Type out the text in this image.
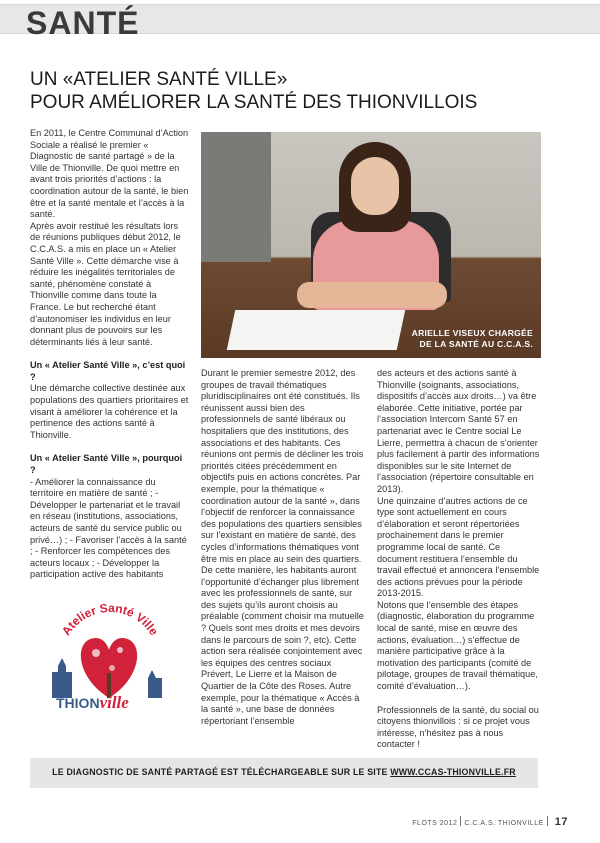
SANTÉ
UN «ATELIER SANTÉ VILLE»
POUR AMÉLIORER LA SANTÉ DES THIONVILLOIS

En 2011, le Centre Communal d’Action Sociale a réalisé le premier « Diagnostic de santé partagé » de la Ville de Thionville. De quoi mettre en avant trois priorités d’actions : la coordination autour de la santé, le bien être et la santé mentale et l’accès à la santé.

Après avoir restitué les résultats lors de réunions publiques début 2012, le C.C.A.S. a mis en place un « Atelier Santé Ville ». Cette démarche vise à réduire les inégalités territoriales de santé, phénomène constaté à Thionville comme dans toute la France. Le but recherché étant d’autonomiser les individus en leur donnant plus de pouvoirs sur les déterminants liés à leur santé.

Un « Atelier Santé Ville », c’est quoi ?

Une démarche collective destinée aux populations des quartiers prioritaires et visant à améliorer la cohérence et la pertinence des actions santé à Thionville.

Un « Atelier Santé Ville », pourquoi ?

- Améliorer la connaissance du territoire en matière de santé ; - Développer le partenariat et le travail en réseau (institutions, associations, acteurs de santé du service public ou privé…) ; - Favoriser l’accès à la santé ; - Renforcer les compétences des acteurs locaux ; - Développer la participation active des habitants

ARIELLE VISEUX CHARGÉE
DE LA SANTÉ AU C.C.A.S.

Durant le premier semestre 2012, des groupes de travail thématiques pluridisciplinaires ont été constitués. Ils réunissent aussi bien des professionnels de santé libéraux ou hospitaliers que des institutions, des associations et des habitants. Ces réunions ont permis de décliner les trois priorités citées précédemment en objectifs puis en actions concrètes. Par exemple, pour la thématique « coordination autour de la santé », dans l’objectif de renforcer la connaissance des populations des quartiers sensibles sur l’existant en matière de santé, des cycles d’informations thématiques vont être mis en place au sein des quartiers. De cette manière, les habitants auront l’opportunité d’échanger plus librement avec les professionnels de santé, sur des sujets qu’ils auront choisis au préalable (comment choisir ma mutuelle ? Quels sont mes droits et mes devoirs dans le parcours de soin ?, etc). Cette action sera réalisée conjointement avec les équipes des centres sociaux Prévert, Le Lierre et la Maison de Quartier de la Côte des Roses. Autre exemple, pour la thématique « Accès à la santé », une base de données répertoriant l’ensemble

des acteurs et des actions santé à Thionville (soignants, associations, dispositifs d’accès aux droits…) va être élaborée. Cette initiative, portée par l’association Intercom Santé 57 en partenariat avec le Centre social Le Lierre, permettra à chacun de s’orienter plus facilement à partir des informations disponibles sur le site Internet de l’association (répertoire consultable en 2013).

Une quinzaine d’autres actions de ce type sont actuellement en cours d’élaboration et seront répertoriées prochainement dans le premier programme local de santé. Ce document restituera l’ensemble du travail effectué et annoncera l’ensemble des actions prévues pour la période 2013-2015.

Notons que l’ensemble des étapes (diagnostic, élaboration du programme local de santé, mise en œuvre des actions, évaluation…) s’effectue de manière participative grâce à la motivation des participants (comité de pilotage, groupes de travail thématique, comité d’évaluation…).

Professionnels de la santé, du social ou citoyens thionvillois : si ce projet vous intéresse, n’hésitez pas à nous contacter !

Atelier Santé Ville
THIONville
LE DIAGNOSTIC DE SANTÉ PARTAGÉ EST TÉLÉCHARGEABLE SUR LE SITE WWW.CCAS-THIONVILLE.FR
FLOTS 2012 C.C.A.S. THIONVILLE 17
